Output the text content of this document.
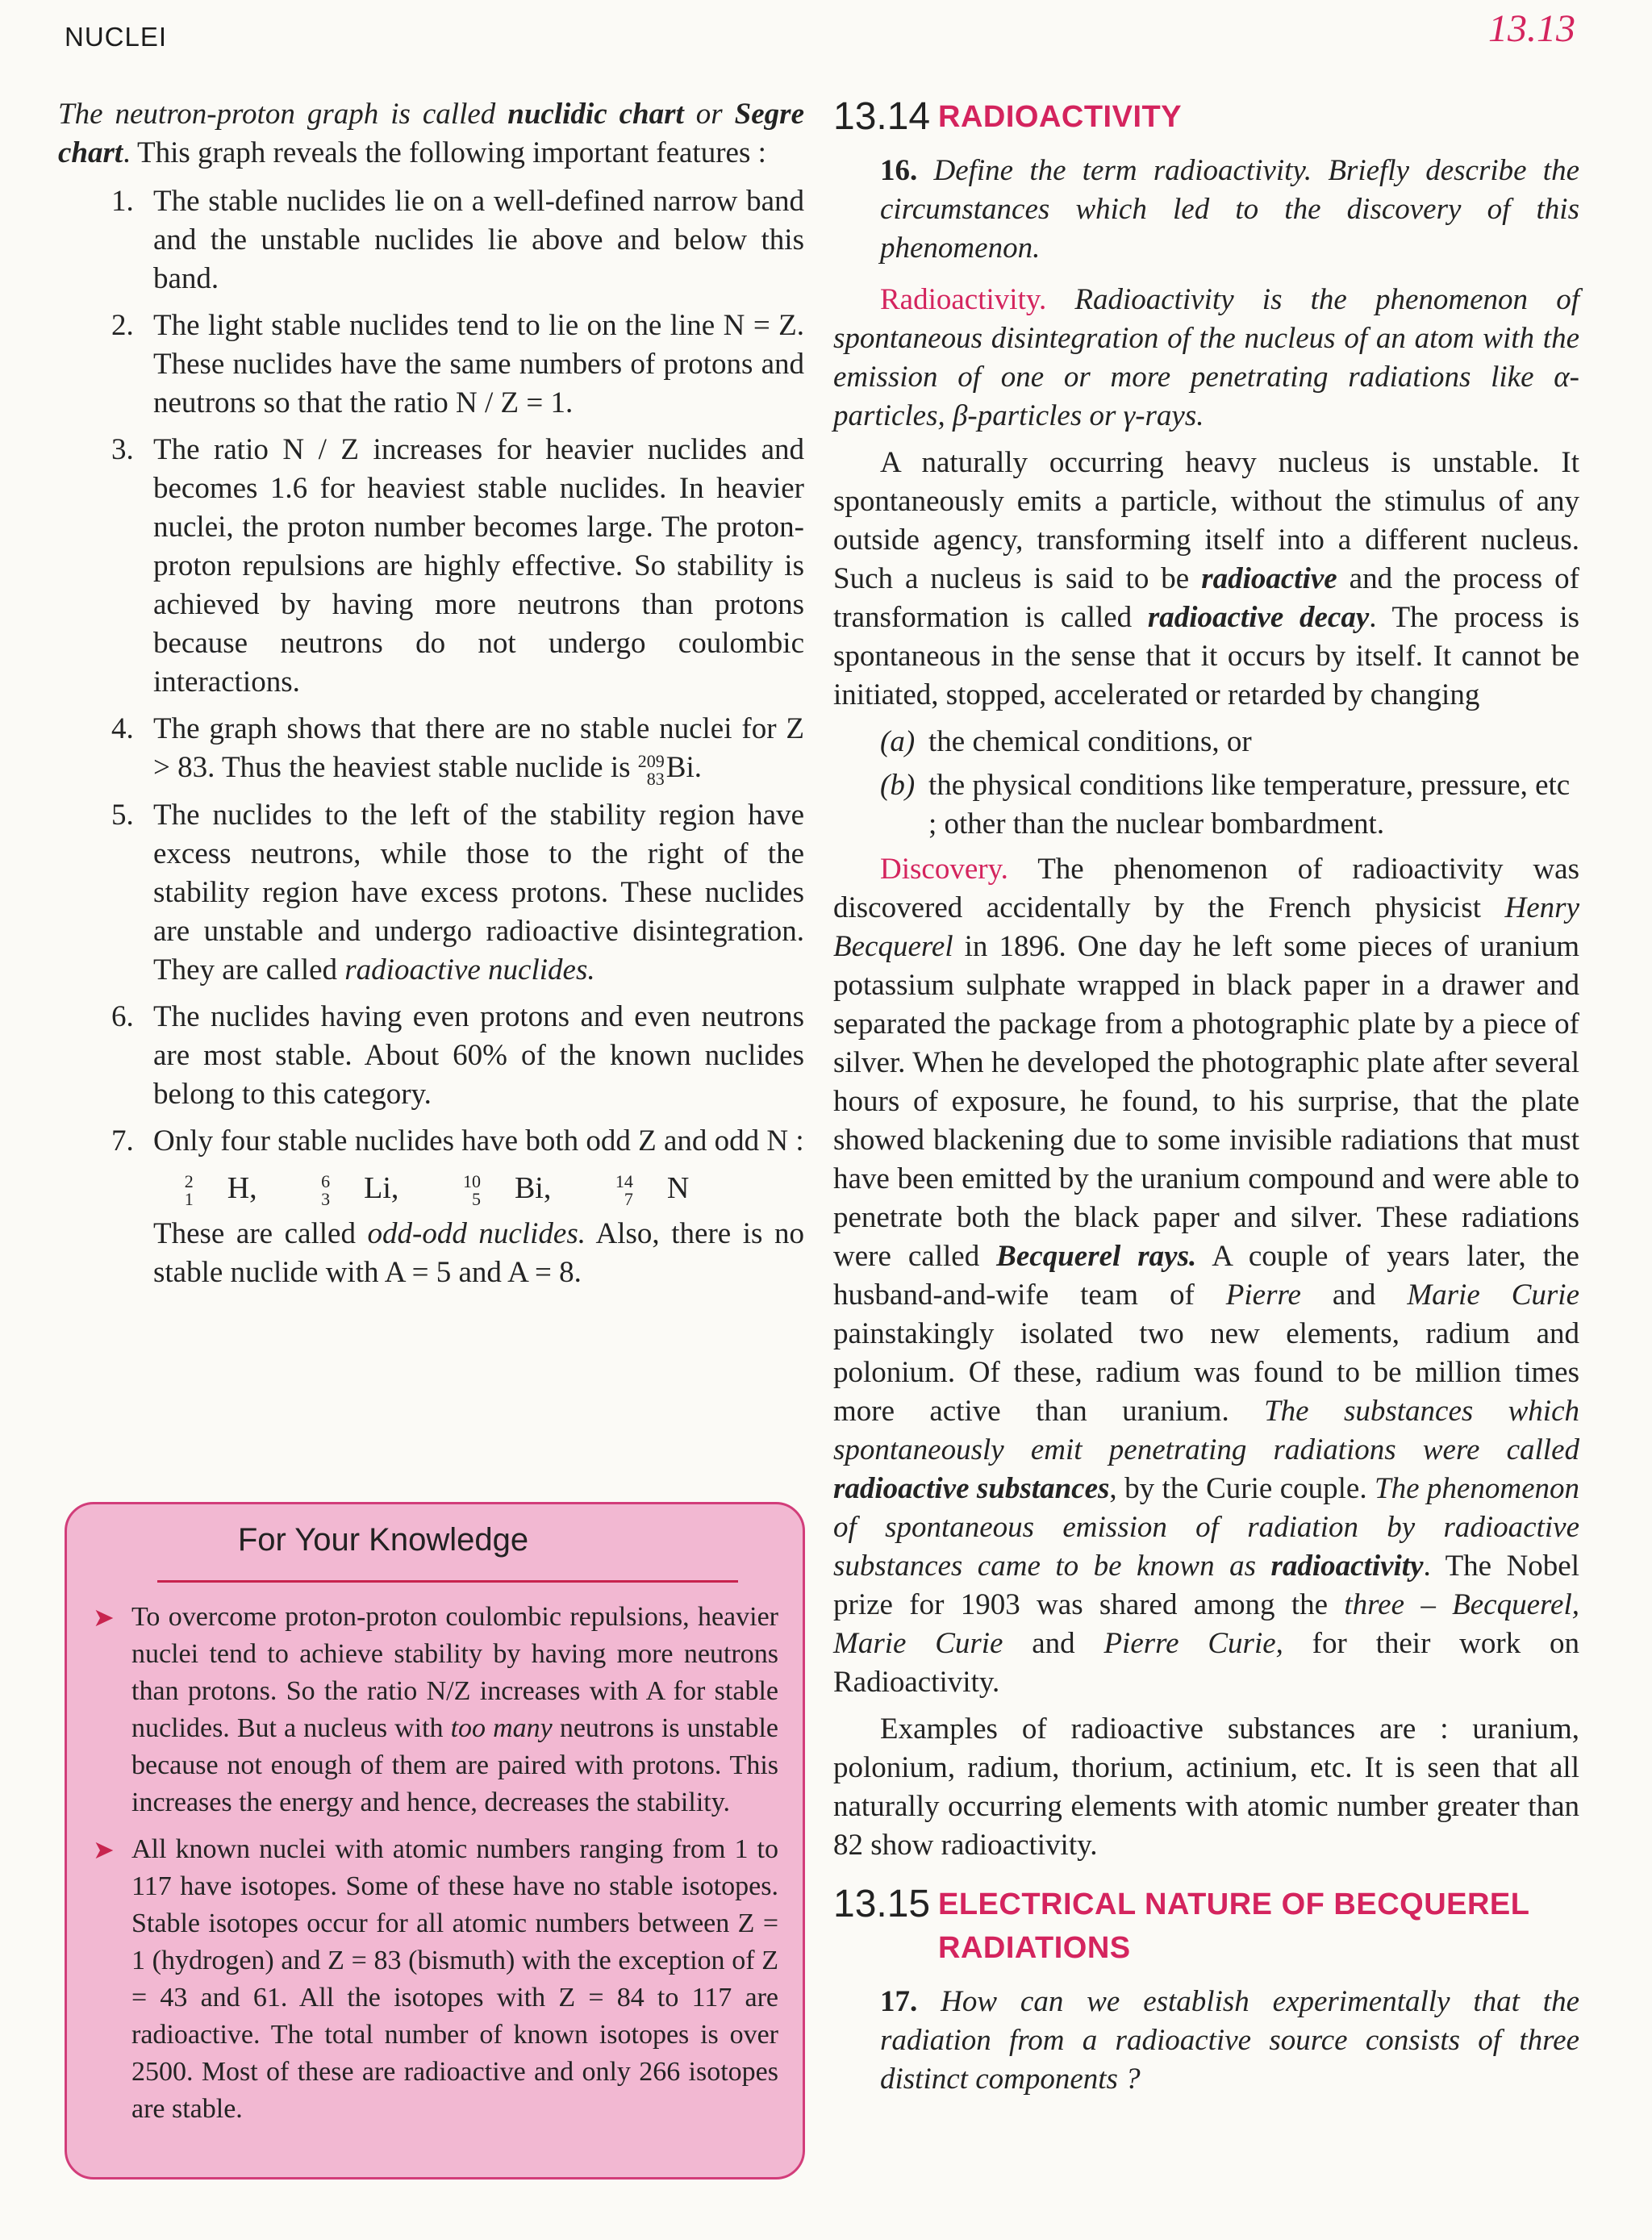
NUCLEI	13.13

The neutron-proton graph is called nuclidic chart or Segre chart. This graph reveals the following important features :

1. The stable nuclides lie on a well-defined narrow band and the unstable nuclides lie above and below this band.
2. The light stable nuclides tend to lie on the line N = Z. These nuclides have the same numbers of protons and neutrons so that the ratio N / Z = 1.
3. The ratio N / Z increases for heavier nuclides and becomes 1.6 for heaviest stable nuclides. In heavier nuclei, the proton number becomes large. The proton-proton repulsions are highly effective. So stability is achieved by having more neutrons than protons because neutrons do not undergo coulombic interactions.
4. The graph shows that there are no stable nuclei for Z > 83. Thus the heaviest stable nuclide is 209
83 Bi.
5. The nuclides to the left of the stability region have excess neutrons, while those to the right of the stability region have excess protons. These nuclides are unstable and undergo radioactive disintegration. They are called radioactive nuclides.
6. The nuclides having even protons and even neutrons are most stable. About 60% of the known nuclides belong to this category.
7. Only four stable nuclides have both odd Z and odd N :
2
1 H,	6
3 Li,	10
5 Bi,	14
7 N

These are called odd-odd nuclides. Also, there is no stable nuclide with A = 5 and A = 8.

For Your Knowledge
➤ To overcome proton-proton coulombic repulsions, heavier nuclei tend to achieve stability by having more neutrons than protons. So the ratio N/Z increases with A for stable nuclides. But a nucleus with too many neutrons is unstable because not enough of them are paired with protons. This increases the energy and hence, decreases the stability.
➤ All known nuclei with atomic numbers ranging from 1 to 117 have isotopes. Some of these have no stable isotopes. Stable isotopes occur for all atomic numbers between Z = 1 (hydrogen) and Z = 83 (bismuth) with the exception of Z = 43 and 61. All the isotopes with Z = 84 to 117 are radioactive. The total number of known isotopes is over 2500. Most of these are radioactive and only 266 isotopes are stable.
13.14 RADIOACTIVITY

16. Define the term radioactivity. Briefly describe the circumstances which led to the discovery of this phenomenon.

Radioactivity. Radioactivity is the phenomenon of spontaneous disintegration of the nucleus of an atom with the emission of one or more penetrating radiations like α-particles, β-particles or γ-rays.

A naturally occurring heavy nucleus is unstable. It spontaneously emits a particle, without the stimulus of any outside agency, transforming itself into a different nucleus. Such a nucleus is said to be radioactive and the process of transformation is called radioactive decay. The process is spontaneous in the sense that it occurs by itself. It cannot be initiated, stopped, accelerated or retarded by changing

(a) the chemical conditions, or
(b) the physical conditions like temperature, pressure, etc ; other than the nuclear bombardment.

Discovery. The phenomenon of radioactivity was discovered accidentally by the French physicist Henry Becquerel in 1896. One day he left some pieces of uranium potassium sulphate wrapped in black paper in a drawer and separated the package from a photographic plate by a piece of silver. When he developed the photographic plate after several hours of exposure, he found, to his surprise, that the plate showed blackening due to some invisible radiations that must have been emitted by the uranium compound and were able to penetrate both the black paper and silver. These radiations were called Becquerel rays. A couple of years later, the husband-and-wife team of Pierre and Marie Curie painstakingly isolated two new elements, radium and polonium. Of these, radium was found to be million times more active than uranium. The substances which spontaneously emit penetrating radiations were called radioactive substances, by the Curie couple. The phenomenon of spontaneous emission of radiation by radioactive substances came to be known as radioactivity. The Nobel prize for 1903 was shared among the three – Becquerel, Marie Curie and Pierre Curie, for their work on Radioactivity.

Examples of radioactive substances are : uranium, polonium, radium, thorium, actinium, etc. It is seen that all naturally occurring elements with atomic number greater than 82 show radioactivity.

13.15 ELECTRICAL NATURE OF BECQUEREL RADIATIONS

17. How can we establish experimentally that the radiation from a radioactive source consists of three distinct components ?
